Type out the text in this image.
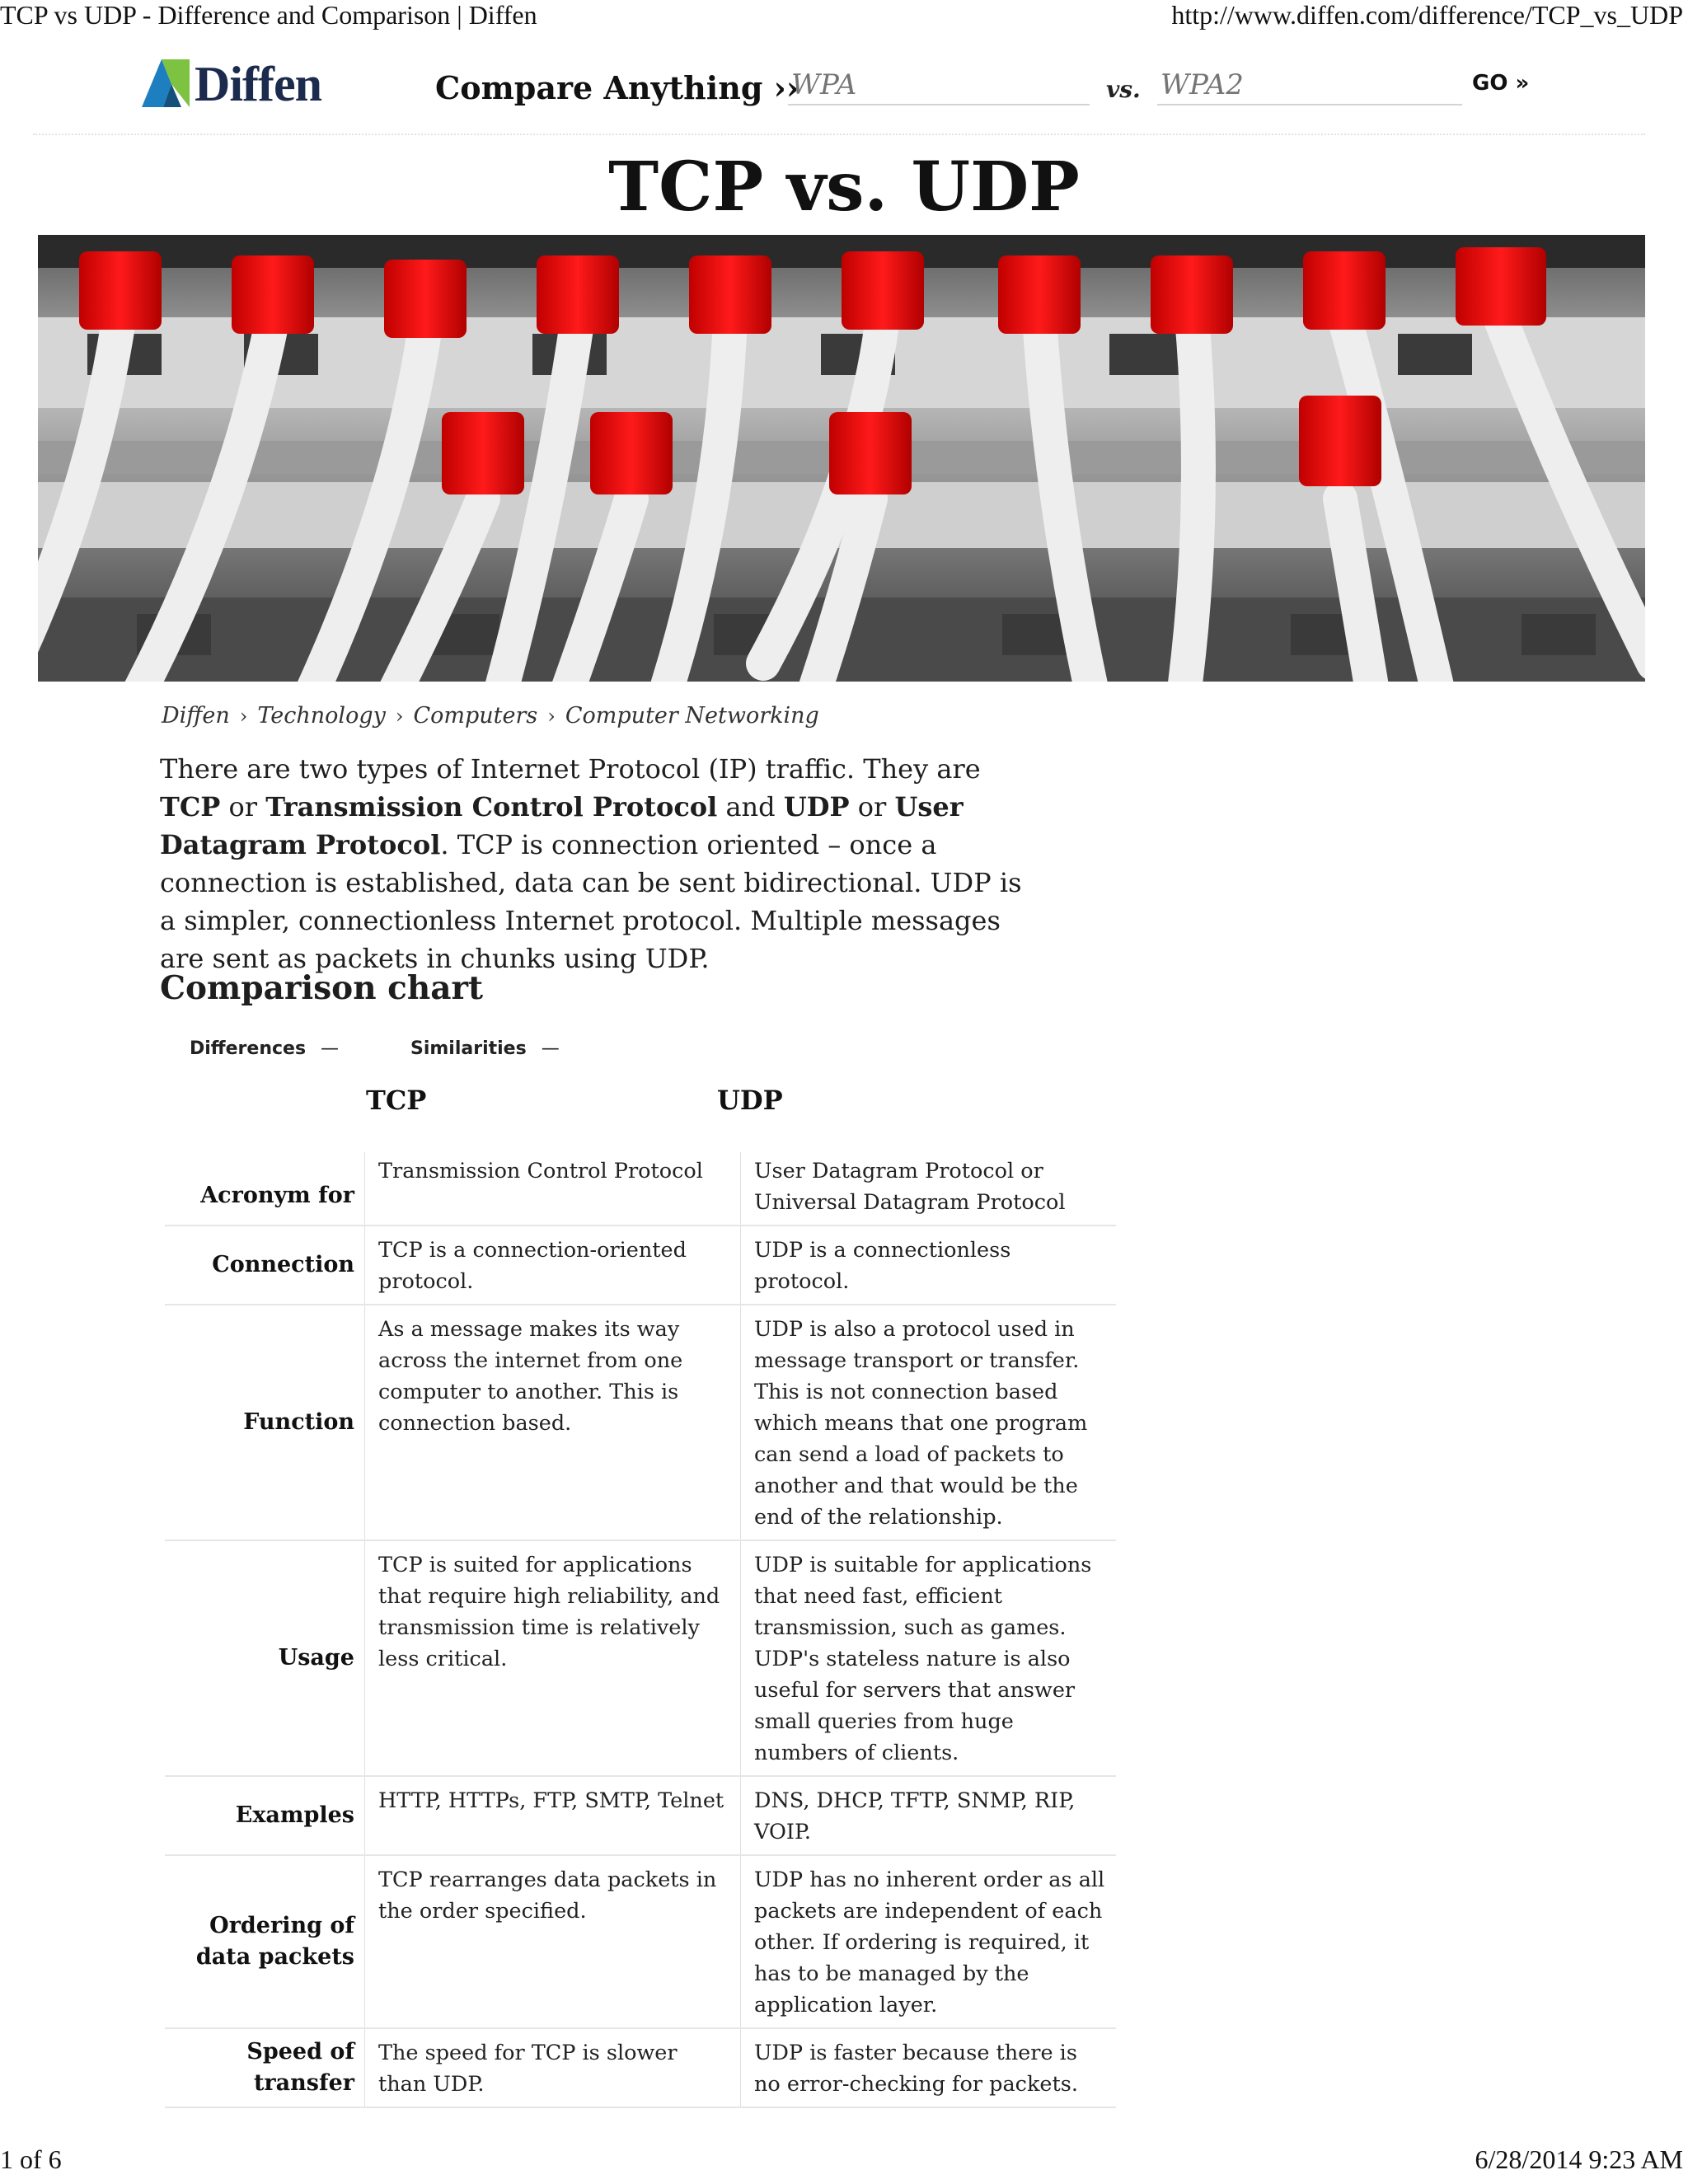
TCP vs UDP - Difference and Comparison | Diffen	http://www.diffen.com/difference/TCP_vs_UDP
Diffen	Compare Anything ››
WPA	vs.
WPA2	GO »
TCP vs. UDP
Diffen › Technology › Computers › Computer Networking

There are two types of Internet Protocol (IP) traffic. They are TCP or Transmission Control Protocol and UDP or User Datagram Protocol. TCP is connection oriented – once a connection is established, data can be sent bidirectional. UDP is a simpler, connectionless Internet protocol. Multiple messages are sent as packets in chunks using UDP.

Comparison chart
Differences —	Similarities —
TCP	UDP
Acronym for	Transmission Control Protocol	User Datagram Protocol or Universal Datagram Protocol
Connection	TCP is a connection-oriented protocol.	UDP is a connectionless protocol.
Function	As a message makes its way across the internet from one computer to another. This is connection based.	UDP is also a protocol used in message transport or transfer. This is not connection based which means that one program can send a load of packets to another and that would be the end of the relationship.
Usage	TCP is suited for applications that require high reliability, and transmission time is relatively less critical.	UDP is suitable for applications that need fast, efficient transmission, such as games. UDP's stateless nature is also useful for servers that answer small queries from huge numbers of clients.
Examples	HTTP, HTTPs, FTP, SMTP, Telnet	DNS, DHCP, TFTP, SNMP, RIP, VOIP.
Ordering of data packets	TCP rearranges data packets in the order specified.	UDP has no inherent order as all packets are independent of each other. If ordering is required, it has to be managed by the application layer.
Speed of transfer	The speed for TCP is slower than UDP.	UDP is faster because there is no error-checking for packets.
1 of 6	6/28/2014 9:23 AM
